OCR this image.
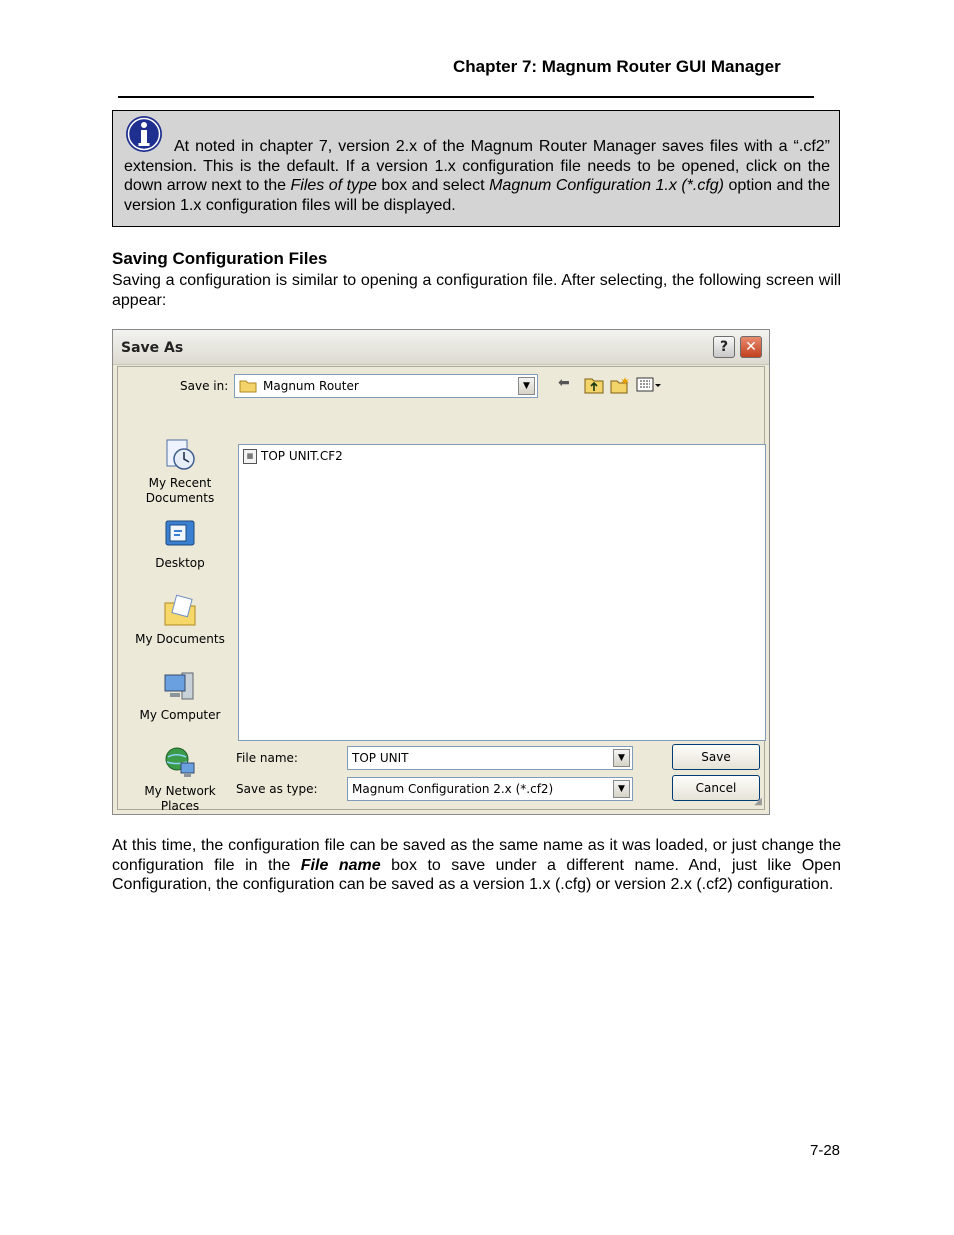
Chapter 7: Magnum Router GUI Manager
At noted in chapter 7, version 2.x of the Magnum Router Manager saves files with a “.cf2” extension. This is the default. If a version 1.x configuration file needs to be opened, click on the down arrow next to the Files of type box and select Magnum Configuration 1.x (*.cfg) option and the version 1.x configuration files will be displayed.
Saving Configuration Files
Saving a configuration is similar to opening a configuration file. After selecting, the following screen will appear:
Save As	?	✕
Save in:	Magnum Router	▼	⬅
My Recent Documents
Desktop
My Documents
My Computer
My Network Places
▦ TOP UNIT.CF2
File name:	TOP UNIT	▼
Save as type:	Magnum Configuration 2.x (*.cf2)	▼
Save
Cancel
◢
At this time, the configuration file can be saved as the same name as it was loaded, or just change the configuration file in the File name box to save under a different name. And, just like Open Configuration, the configuration can be saved as a version 1.x (.cfg) or version 2.x (.cf2) configuration.
7-28
